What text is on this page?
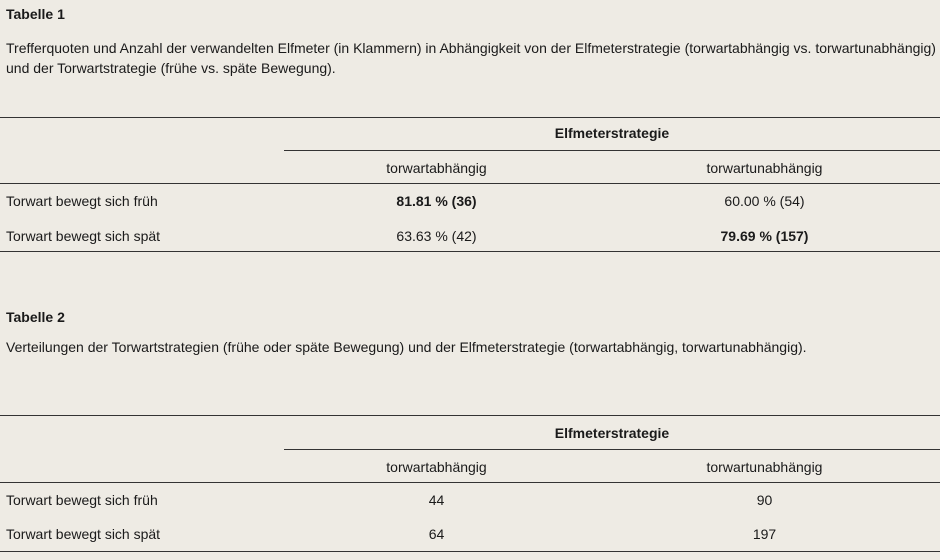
Tabelle 1
Trefferquoten und Anzahl der verwandelten Elfmeter (in Klammern) in Abhängigkeit von der Elfmeterstrategie (torwartabhängig vs. torwartunabhängig) und der Torwartstrategie (frühe vs. späte Bewegung).
Elfmeterstrategie
torwartabhängig	torwartunabhängig
Torwart bewegt sich früh	81.81 % (36)	60.00 % (54)
Torwart bewegt sich spät	63.63 % (42)	79.69 % (157)
Tabelle 2
Verteilungen der Torwartstrategien (frühe oder späte Bewegung) und der Elfmeterstrategie (torwartabhängig, torwartunabhängig).
Elfmeterstrategie
torwartabhängig	torwartunabhängig
Torwart bewegt sich früh	44	90
Torwart bewegt sich spät	64	197
